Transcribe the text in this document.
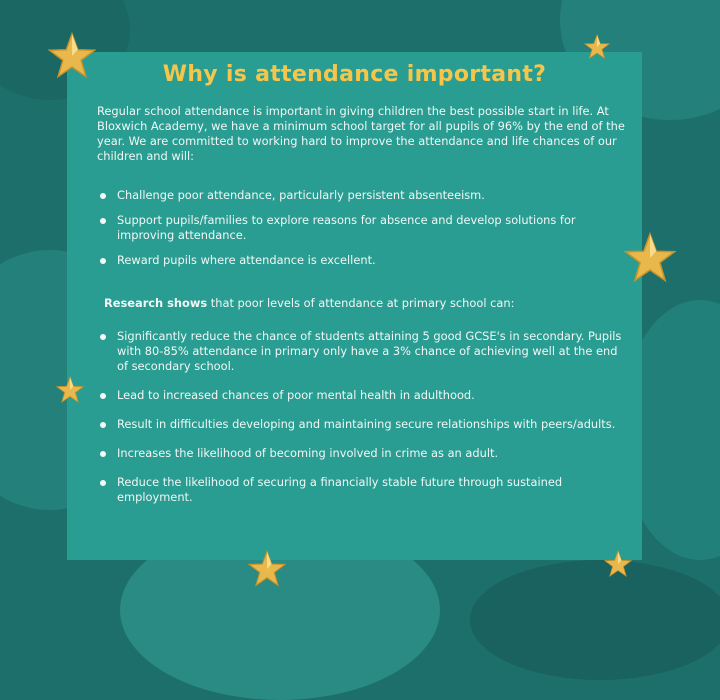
Why is attendance important?
Regular school attendance is important in giving children the best possible start in life. At Bloxwich Academy, we have a minimum school target for all pupils of 96% by the end of the year. We are committed to working hard to improve the attendance and life chances of our children and will:
Challenge poor attendance, particularly persistent absenteeism.
Support pupils/families to explore reasons for absence and develop solutions for improving attendance.
Reward pupils where attendance is excellent.
Research shows that poor levels of attendance at primary school can:
Significantly reduce the chance of students attaining 5 good GCSE's in secondary. Pupils with 80-85% attendance in primary only have a 3% chance of achieving well at the end of secondary school.
Lead to increased chances of poor mental health in adulthood.
Result in difficulties developing and maintaining secure relationships with peers/adults.
Increases the likelihood of becoming involved in crime as an adult.
Reduce the likelihood of securing a financially stable future through sustained employment.
